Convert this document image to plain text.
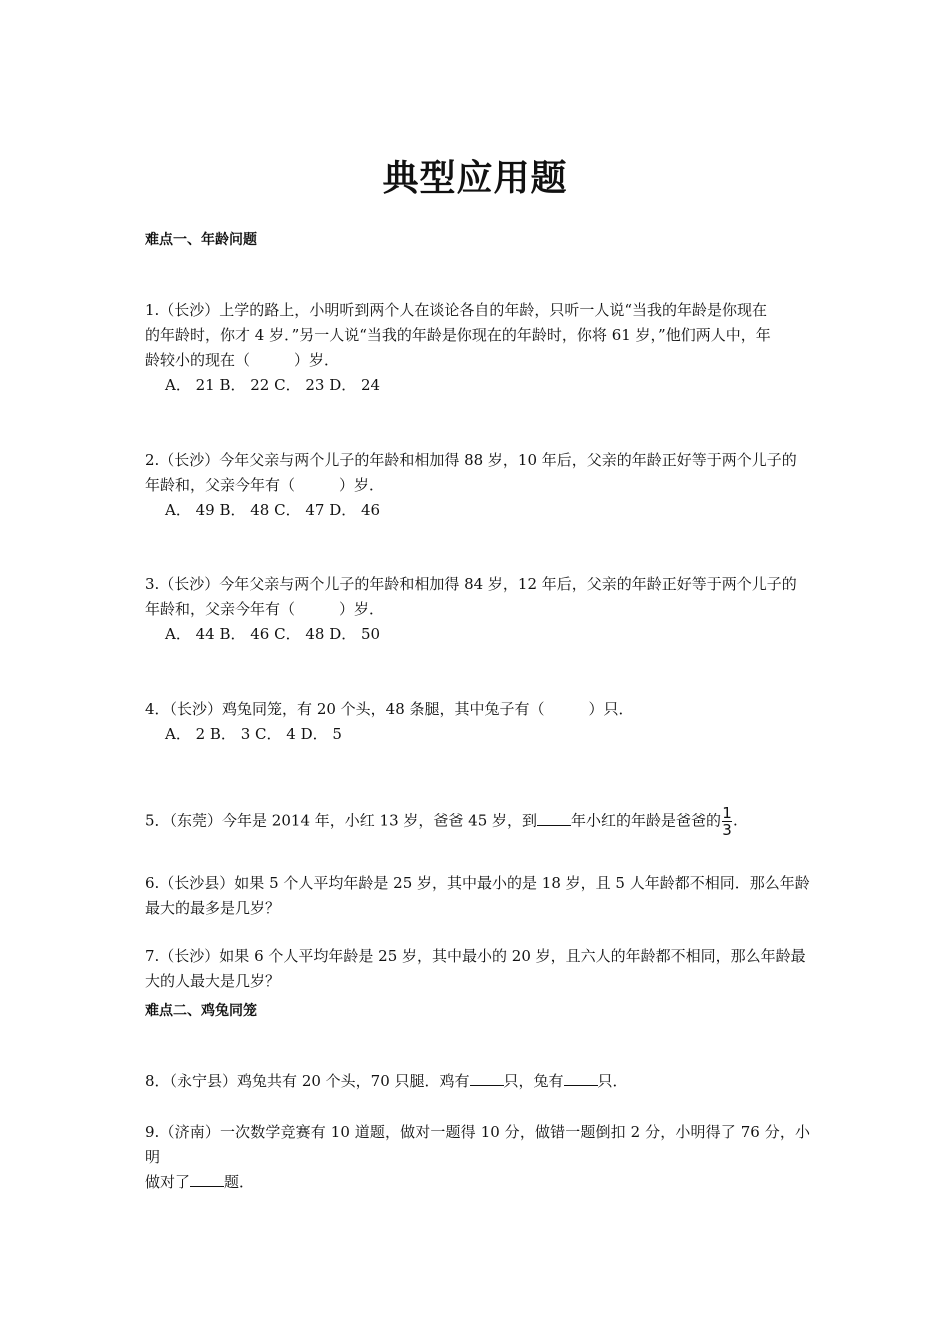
典型应用题
难点一、年龄问题

1.（长沙）上学的路上，小明听到两个人在谈论各自的年龄，只听一人说“当我的年龄是你现在

的年龄时，你才 4 岁．”另一人说“当我的年龄是你现在的年龄时，你将 61 岁，”他们两人中，年

龄较小的现在（	）岁．

A． 21 B． 22 C． 23 D． 24

2.（长沙）今年父亲与两个儿子的年龄和相加得 88 岁，10 年后，父亲的年龄正好等于两个儿子的

年龄和，父亲今年有（	）岁．

A． 49 B． 48 C． 47 D． 46

3.（长沙）今年父亲与两个儿子的年龄和相加得 84 岁，12 年后，父亲的年龄正好等于两个儿子的

年龄和，父亲今年有（	）岁．

A． 44 B． 46 C． 48 D． 50

4．（长沙）鸡兔同笼，有 20 个头，48 条腿，其中兔子有（	）只．

A． 2 B． 3 C． 4 D． 5

5．（东莞）今年是 2014 年，小红 13 岁，爸爸 45 岁，到 年小红的年龄是爸爸的 $\frac{1}{3}$ .

6.（长沙县）如果 5 个人平均年龄是 25 岁，其中最小的是 18 岁，且 5 人年龄都不相同．那么年龄

最大的最多是几岁？

7.（长沙）如果 6 个人平均年龄是 25 岁，其中最小的 20 岁，且六人的年龄都不相同，那么年龄最

大的人最大是几岁？

难点二、鸡兔同笼

8．（永宁县）鸡兔共有 20 个头，70 只腿．鸡有 只，兔有 只．

9.（济南）一次数学竞赛有 10 道题，做对一题得 10 分，做错一题倒扣 2 分，小明得了 76 分，小明

做对了 题．
